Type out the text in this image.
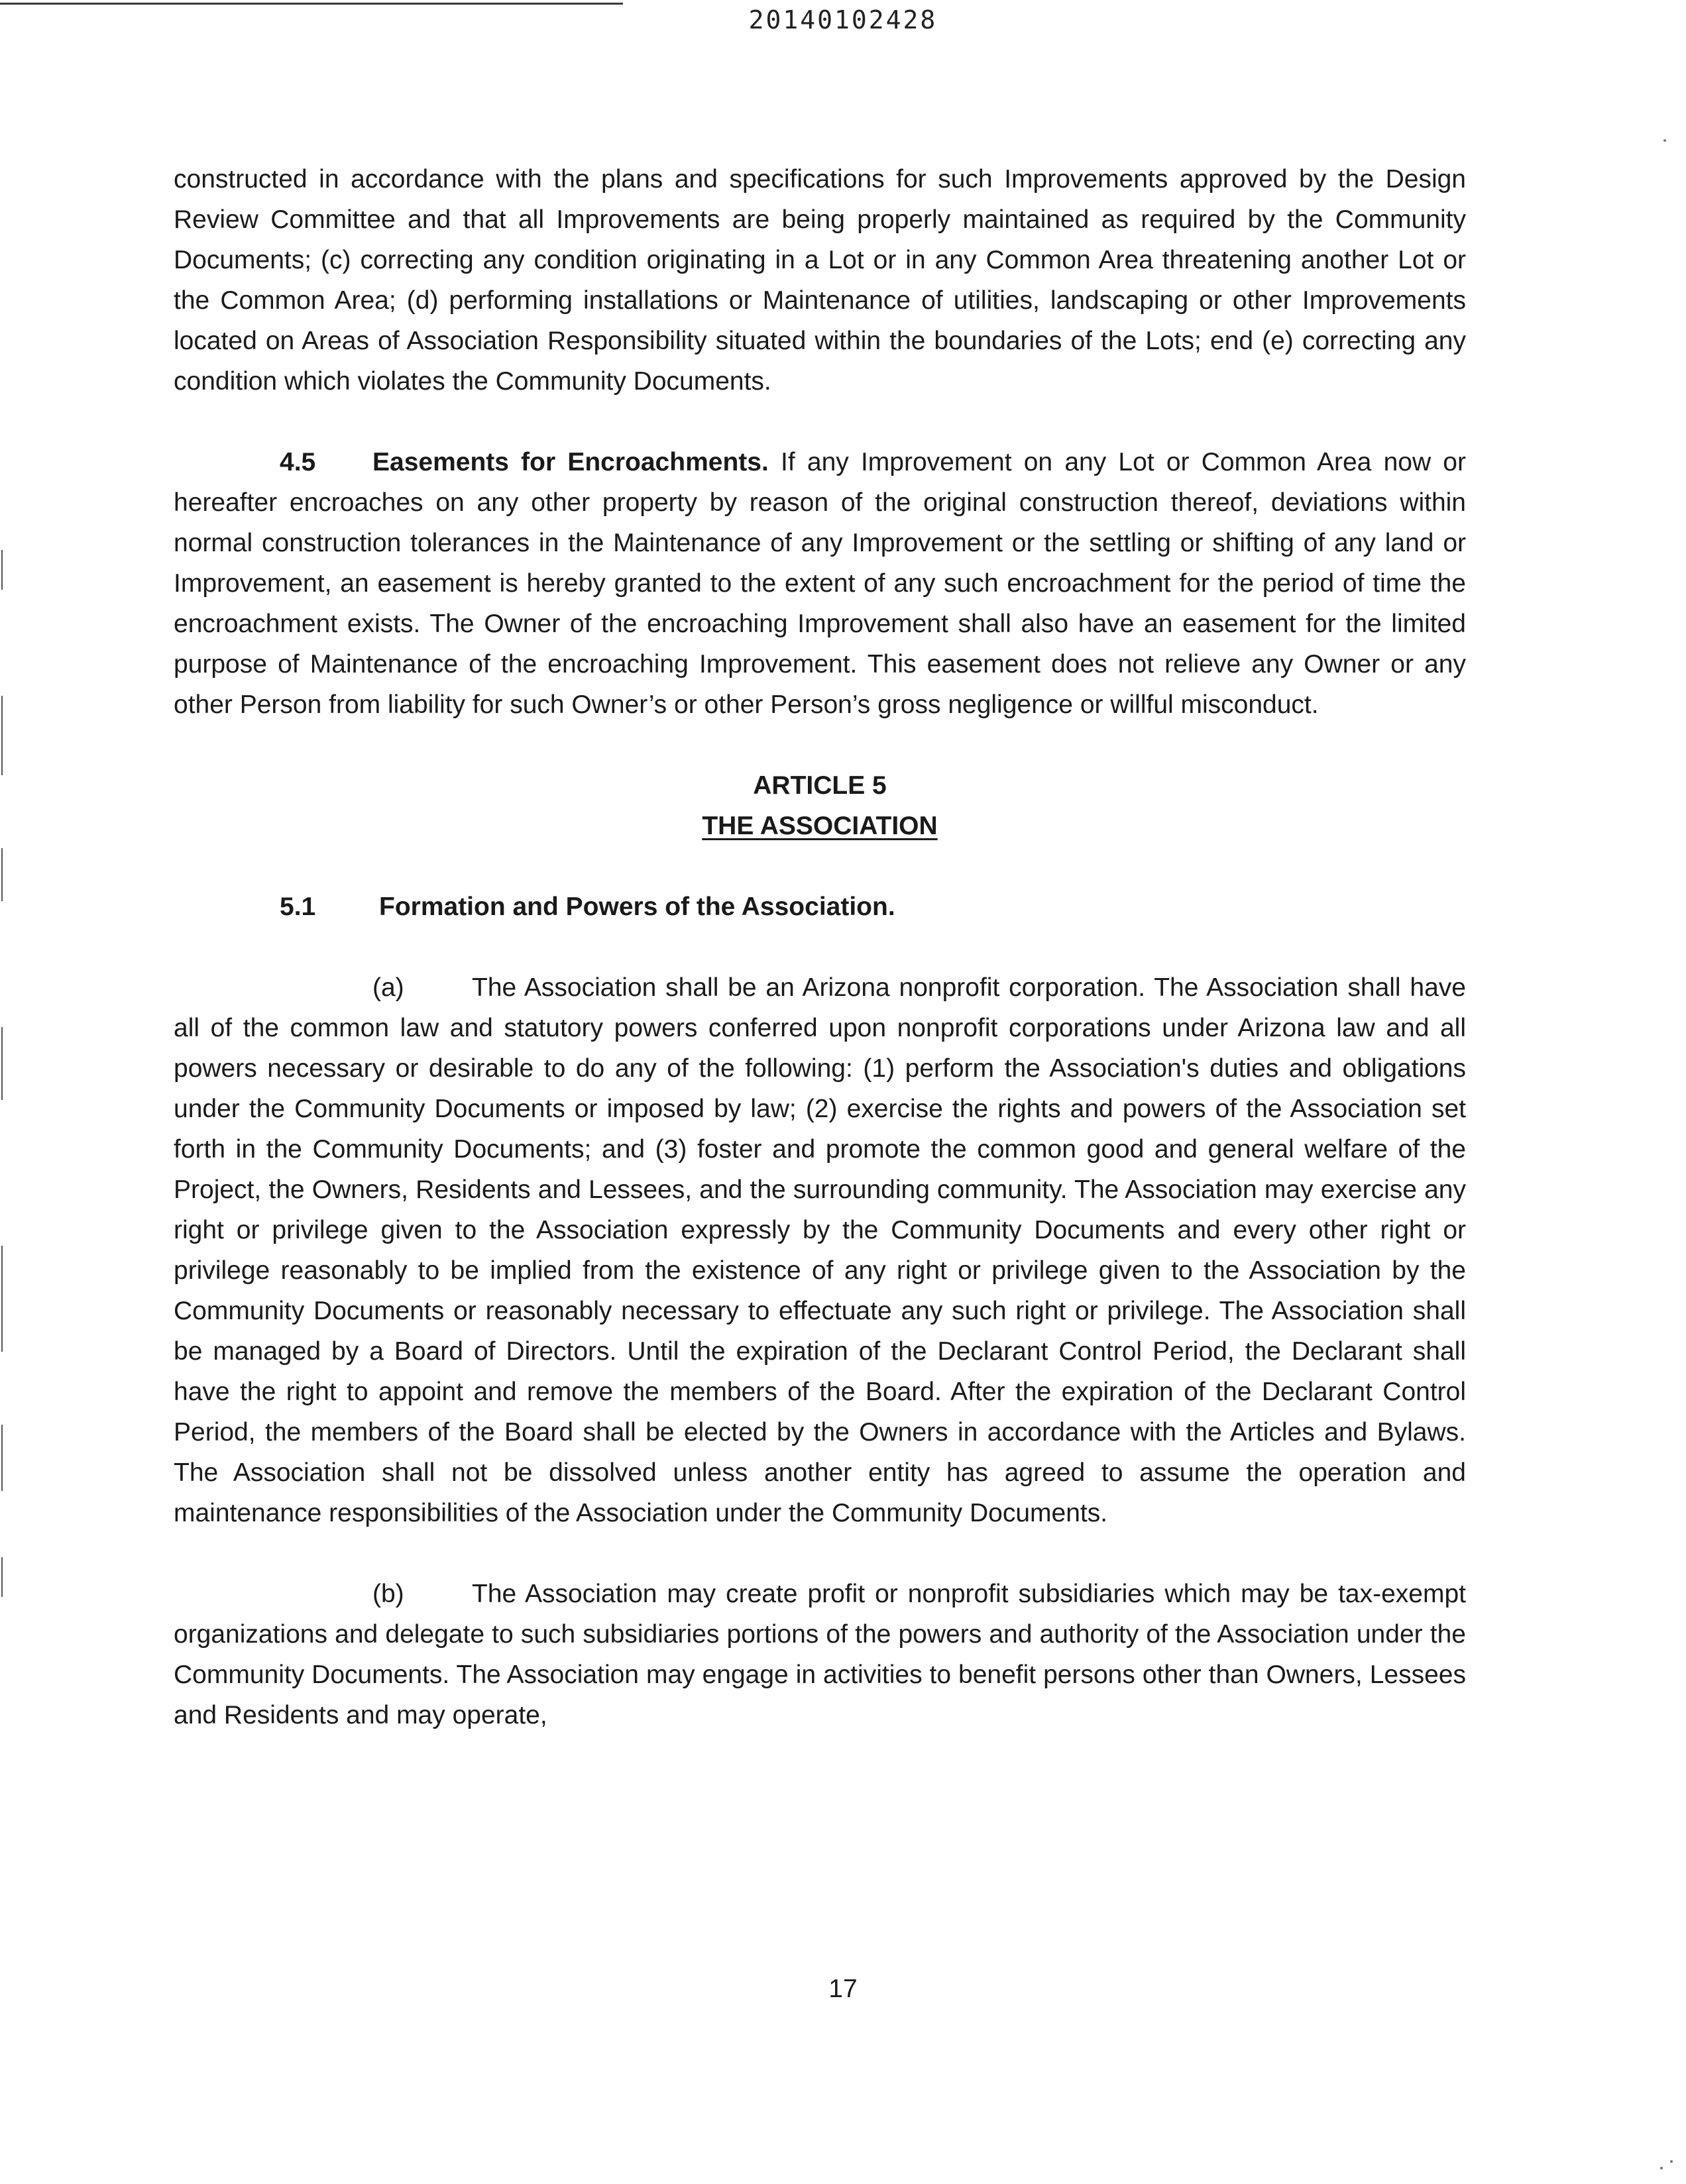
20140102428

constructed in accordance with the plans and specifications for such Improvements approved by the Design Review Committee and that all Improvements are being properly maintained as required by the Community Documents; (c) correcting any condition originating in a Lot or in any Common Area threatening another Lot or the Common Area; (d) performing installations or Maintenance of utilities, landscaping or other Improvements located on Areas of Association Responsibility situated within the boundaries of the Lots; end (e) correcting any condition which violates the Community Documents.

4.5 Easements for Encroachments. If any Improvement on any Lot or Common Area now or hereafter encroaches on any other property by reason of the original construction thereof, deviations within normal construction tolerances in the Maintenance of any Improvement or the settling or shifting of any land or Improvement, an easement is hereby granted to the extent of any such encroachment for the period of time the encroachment exists. The Owner of the encroaching Improvement shall also have an easement for the limited purpose of Maintenance of the encroaching Improvement. This easement does not relieve any Owner or any other Person from liability for such Owner’s or other Person’s gross negligence or willful misconduct.

ARTICLE 5
THE ASSOCIATION
5.1 Formation and Powers of the Association.

(a)	The Association shall be an Arizona nonprofit corporation. The Association shall have all of the common law and statutory powers conferred upon nonprofit corporations under Arizona law and all powers necessary or desirable to do any of the following: (1) perform the Association's duties and obligations under the Community Documents or imposed by law; (2) exercise the rights and powers of the Association set forth in the Community Documents; and (3) foster and promote the common good and general welfare of the Project, the Owners, Residents and Lessees, and the surrounding community. The Association may exercise any right or privilege given to the Association expressly by the Community Documents and every other right or privilege reasonably to be implied from the existence of any right or privilege given to the Association by the Community Documents or reasonably necessary to effectuate any such right or privilege. The Association shall be managed by a Board of Directors. Until the expiration of the Declarant Control Period, the Declarant shall have the right to appoint and remove the members of the Board. After the expiration of the Declarant Control Period, the members of the Board shall be elected by the Owners in accordance with the Articles and Bylaws. The Association shall not be dissolved unless another entity has agreed to assume the operation and maintenance responsibilities of the Association under the Community Documents.

(b)	The Association may create profit or nonprofit subsidiaries which may be tax-exempt organizations and delegate to such subsidiaries portions of the powers and authority of the Association under the Community Documents. The Association may engage in activities to benefit persons other than Owners, Lessees and Residents and may operate,

17
